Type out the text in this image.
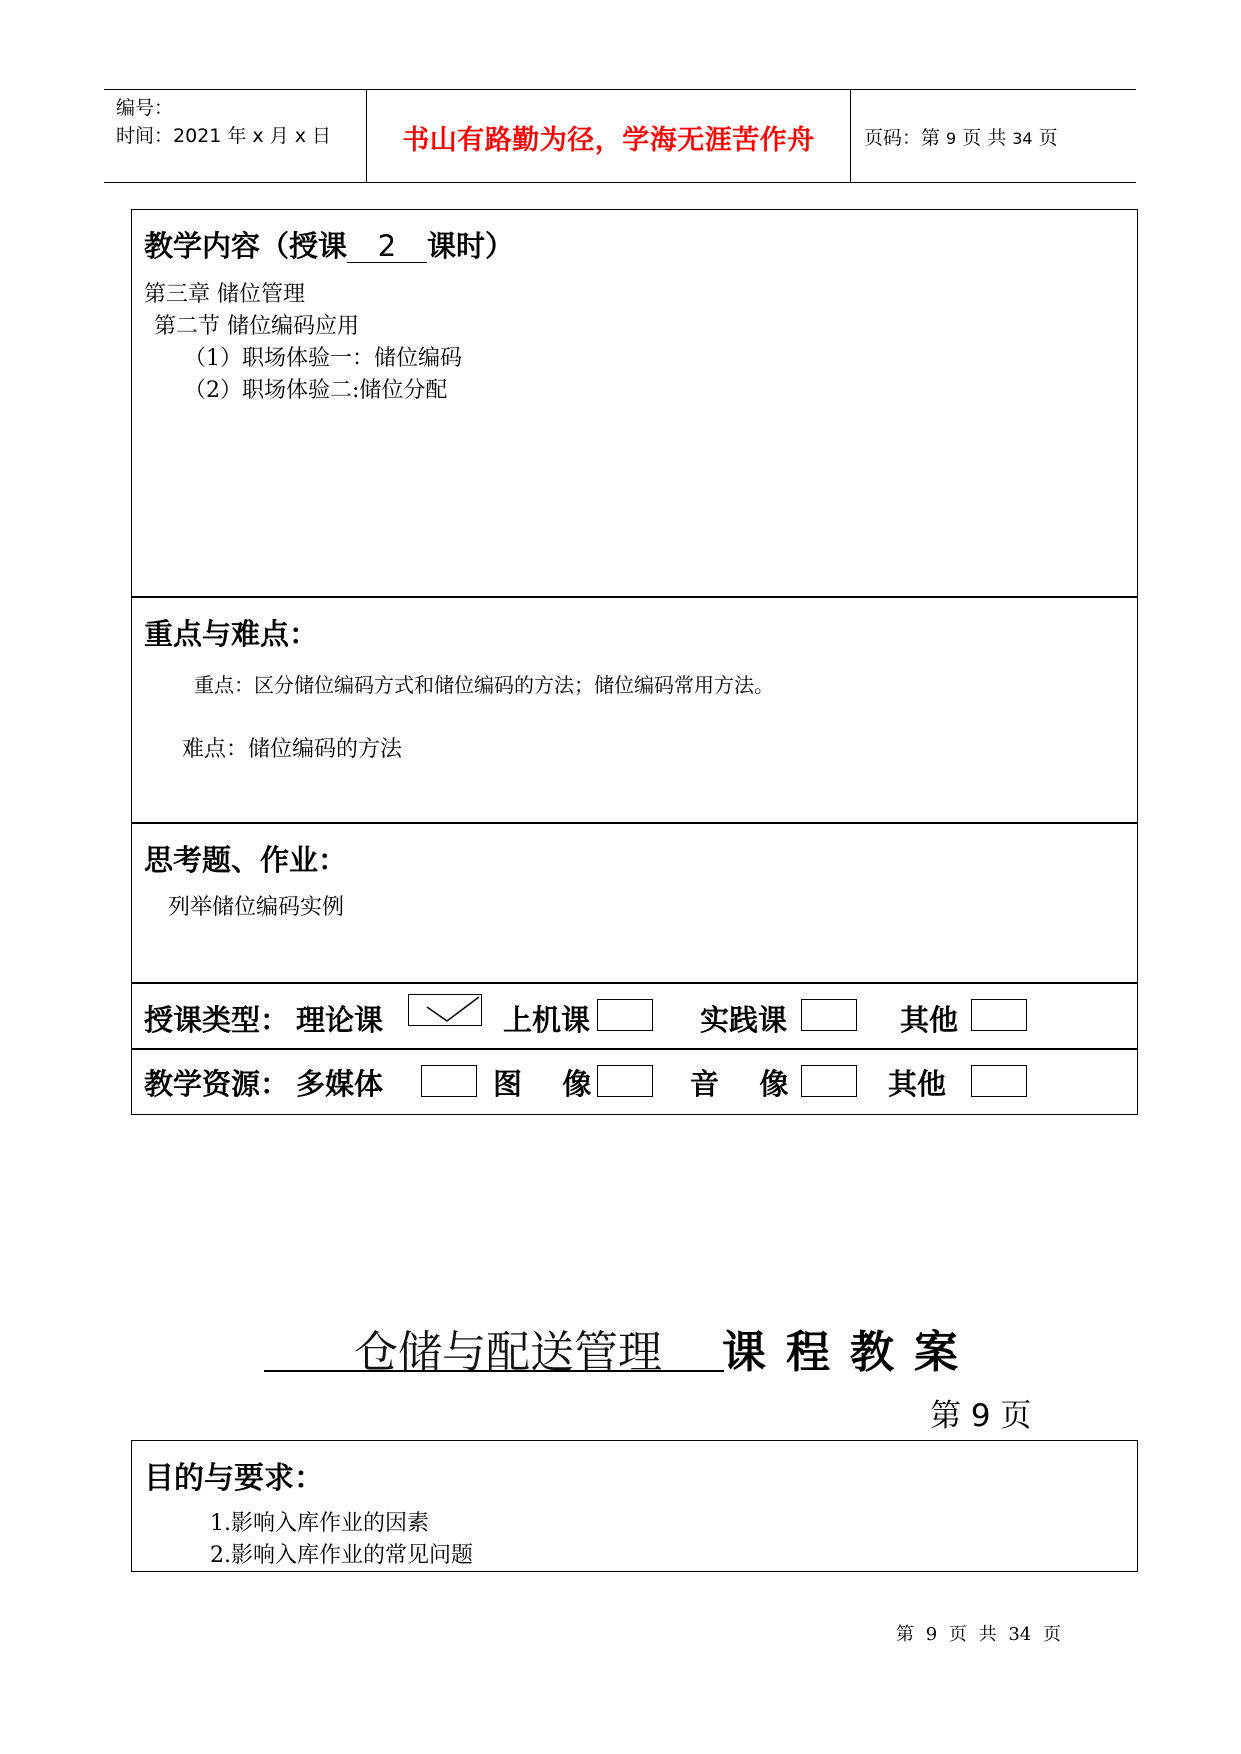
编号：
时间：2021 年 x 月 x 日	书山有路勤为径，学海无涯苦作舟	页码：第 9 页 共 34 页
教学内容（授课 2 课时）
第三章 储位管理
第二节 储位编码应用
（1）职场体验一：储位编码
（2）职场体验二:储位分配
重点与难点：
重点：区分储位编码方式和储位编码的方法；储位编码常用方法。
难点：储位编码的方法
思考题、作业：
列举储位编码实例
授课类型： 理论课	上机课	实践课	其他
教学资源： 多媒体	图    像	音    像	其他
仓储与配送管理 课程教案
第 9 页
目的与要求：
1.影响入库作业的因素
2.影响入库作业的常见问题
第 9 页 共 34 页
